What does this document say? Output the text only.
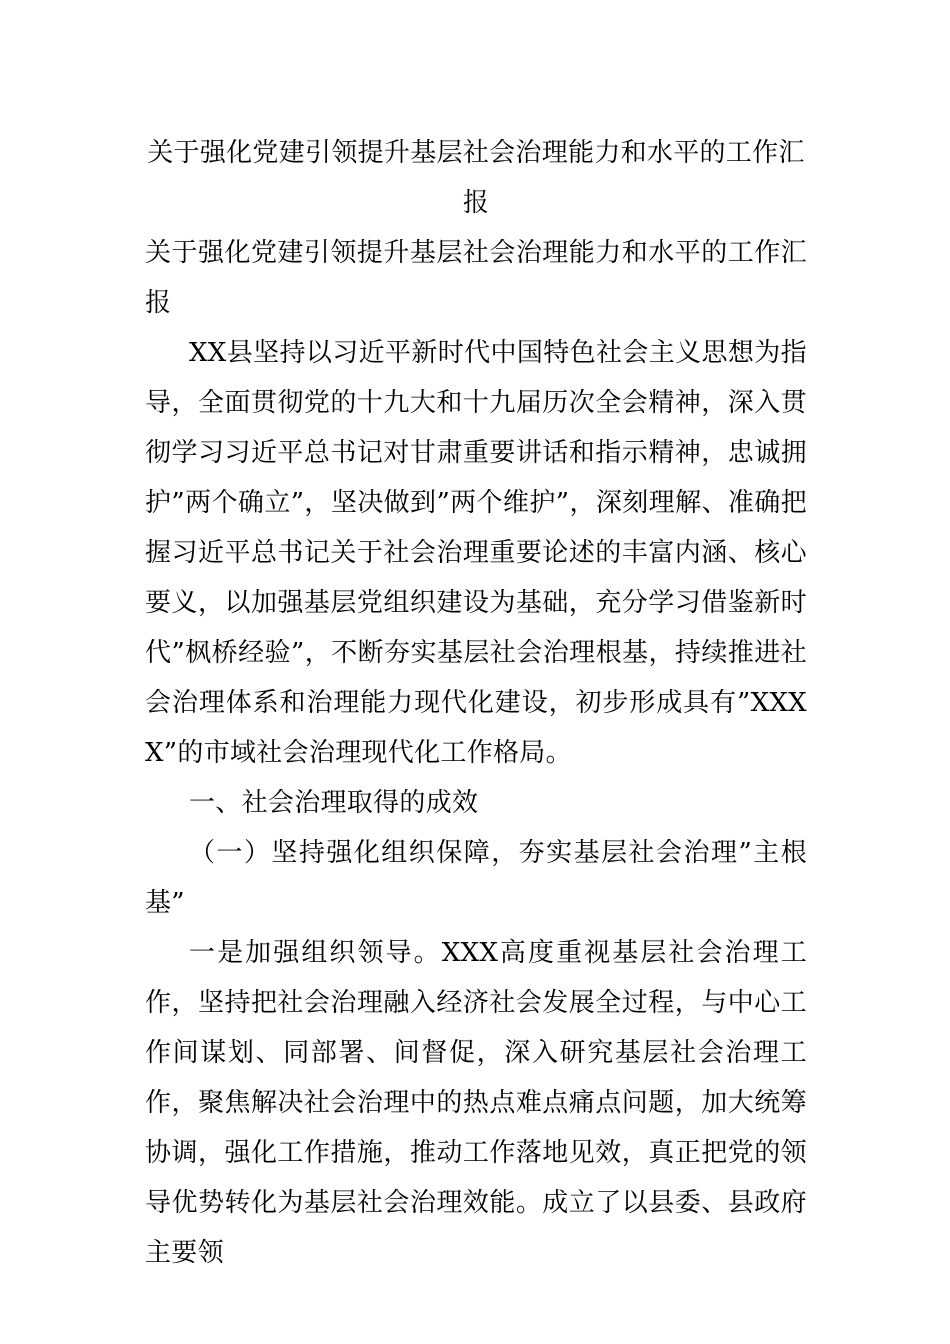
关于强化党建引领提升基层社会治理能力和水平的工作汇报

关于强化党建引领提升基层社会治理能力和水平的工作汇报

XX县坚持以习近平新时代中国特色社会主义思想为指导，全面贯彻党的十九大和十九届历次全会精神，深入贯彻学习习近平总书记对甘肃重要讲话和指示精神，忠诚拥护”两个确立”，坚决做到”两个维护”，深刻理解、准确把握习近平总书记关于社会治理重要论述的丰富内涵、核心要义，以加强基层党组织建设为基础，充分学习借鉴新时代”枫桥经验”，不断夯实基层社会治理根基，持续推进社会治理体系和治理能力现代化建设，初步形成具有”XXXX”的市域社会治理现代化工作格局。

一、社会治理取得的成效

（一）坚持强化组织保障，夯实基层社会治理”主根基”

一是加强组织领导。XXX高度重视基层社会治理工作，坚持把社会治理融入经济社会发展全过程，与中心工作间谋划、同部署、间督促，深入研究基层社会治理工作，聚焦解决社会治理中的热点难点痛点问题，加大统筹协调，强化工作措施，推动工作落地见效，真正把党的领导优势转化为基层社会治理效能。成立了以县委、县政府主要领
